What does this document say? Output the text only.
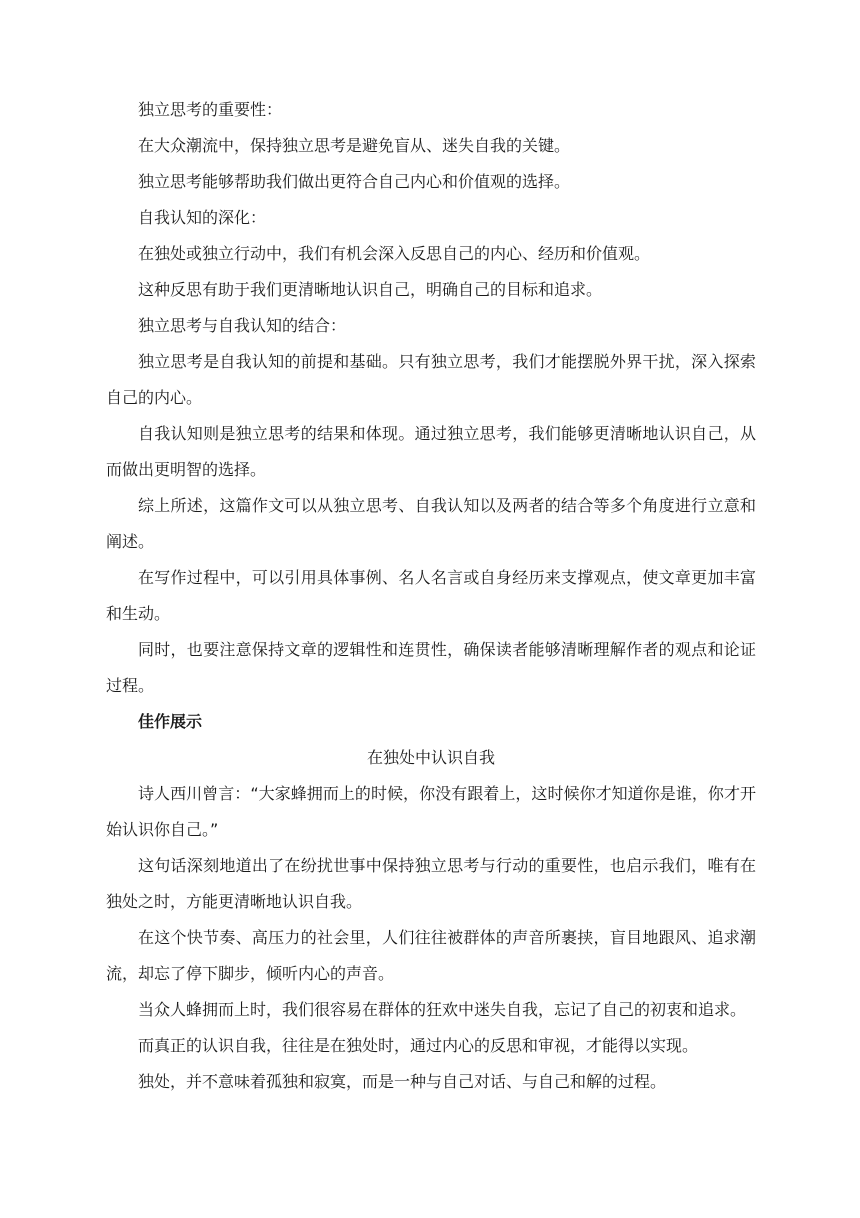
独立思考的重要性：

在大众潮流中，保持独立思考是避免盲从、迷失自我的关键。

独立思考能够帮助我们做出更符合自己内心和价值观的选择。

自我认知的深化：

在独处或独立行动中，我们有机会深入反思自己的内心、经历和价值观。

这种反思有助于我们更清晰地认识自己，明确自己的目标和追求。

独立思考与自我认知的结合：

独立思考是自我认知的前提和基础。只有独立思考，我们才能摆脱外界干扰，深入探索自己的内心。

自我认知则是独立思考的结果和体现。通过独立思考，我们能够更清晰地认识自己，从而做出更明智的选择。

综上所述，这篇作文可以从独立思考、自我认知以及两者的结合等多个角度进行立意和阐述。

在写作过程中，可以引用具体事例、名人名言或自身经历来支撑观点，使文章更加丰富和生动。

同时，也要注意保持文章的逻辑性和连贯性，确保读者能够清晰理解作者的观点和论证过程。

佳作展示

在独处中认识自我

诗人西川曾言：“大家蜂拥而上的时候，你没有跟着上，这时候你才知道你是谁，你才开始认识你自己。”

这句话深刻地道出了在纷扰世事中保持独立思考与行动的重要性，也启示我们，唯有在独处之时，方能更清晰地认识自我。

在这个快节奏、高压力的社会里，人们往往被群体的声音所裹挟，盲目地跟风、追求潮流，却忘了停下脚步，倾听内心的声音。

当众人蜂拥而上时，我们很容易在群体的狂欢中迷失自我，忘记了自己的初衷和追求。

而真正的认识自我，往往是在独处时，通过内心的反思和审视，才能得以实现。

独处，并不意味着孤独和寂寞，而是一种与自己对话、与自己和解的过程。
